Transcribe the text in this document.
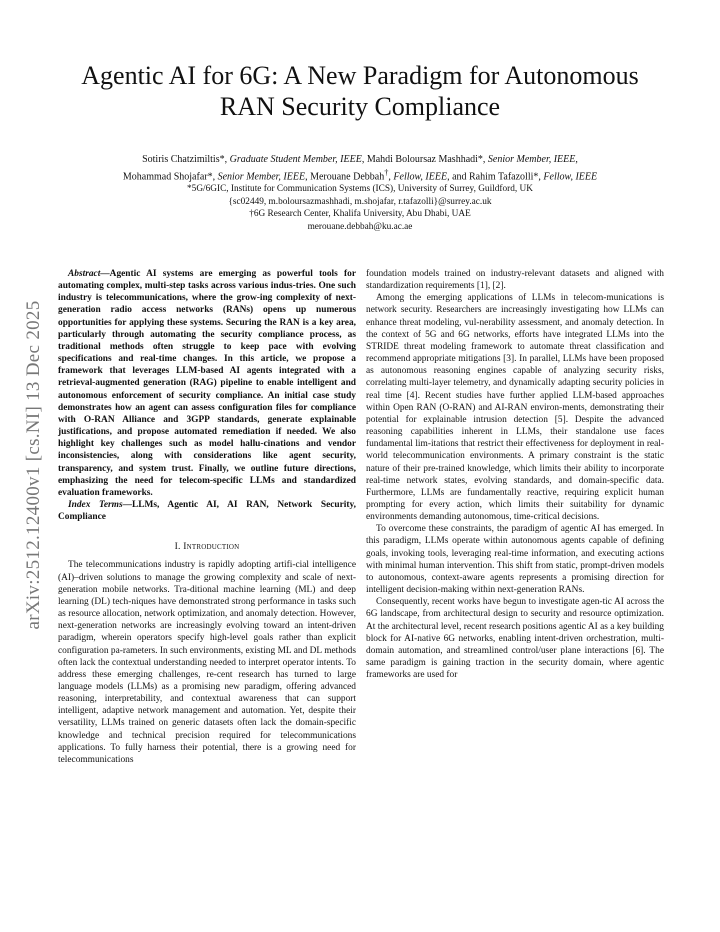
arXiv:2512.12400v1 [cs.NI] 13 Dec 2025
Agentic AI for 6G: A New Paradigm for Autonomous RAN Security Compliance

Sotiris Chatzimiltis*, Graduate Student Member, IEEE, Mahdi Boloursaz Mashhadi*, Senior Member, IEEE,

Mohammad Shojafar*, Senior Member, IEEE, Merouane Debbah†, Fellow, IEEE, and Rahim Tafazolli*, Fellow, IEEE

*5G/6GIC, Institute for Communication Systems (ICS), University of Surrey, Guildford, UK

{sc02449, m.boloursazmashhadi, m.shojafar, r.tafazolli}@surrey.ac.uk

†6G Research Center, Khalifa University, Abu Dhabi, UAE

merouane.debbah@ku.ac.ae

Abstract—Agentic AI systems are emerging as powerful tools for automating complex, multi-step tasks across various indus-tries. One such industry is telecommunications, where the grow-ing complexity of next-generation radio access networks (RANs) opens up numerous opportunities for applying these systems. Securing the RAN is a key area, particularly through automating the security compliance process, as traditional methods often struggle to keep pace with evolving specifications and real-time changes. In this article, we propose a framework that leverages LLM-based AI agents integrated with a retrieval-augmented generation (RAG) pipeline to enable intelligent and autonomous enforcement of security compliance. An initial case study demonstrates how an agent can assess configuration files for compliance with O-RAN Alliance and 3GPP standards, generate explainable justifications, and propose automated remediation if needed. We also highlight key challenges such as model hallu-cinations and vendor inconsistencies, along with considerations like agent security, transparency, and system trust. Finally, we outline future directions, emphasizing the need for telecom-specific LLMs and standardized evaluation frameworks.

Index Terms—LLMs, Agentic AI, AI RAN, Network Security, Compliance

I. Introduction

The telecommunications industry is rapidly adopting artifi-cial intelligence (AI)–driven solutions to manage the growing complexity and scale of next-generation mobile networks. Tra-ditional machine learning (ML) and deep learning (DL) tech-niques have demonstrated strong performance in tasks such as resource allocation, network optimization, and anomaly detection. However, next-generation networks are increasingly evolving toward an intent-driven paradigm, wherein operators specify high-level goals rather than explicit configuration pa-rameters. In such environments, existing ML and DL methods often lack the contextual understanding needed to interpret operator intents. To address these emerging challenges, re-cent research has turned to large language models (LLMs) as a promising new paradigm, offering advanced reasoning, interpretability, and contextual awareness that can support intelligent, adaptive network management and automation. Yet, despite their versatility, LLMs trained on generic datasets often lack the domain-specific knowledge and technical precision required for telecommunications applications. To fully harness their potential, there is a growing need for telecommunications

foundation models trained on industry-relevant datasets and aligned with standardization requirements [1], [2].

Among the emerging applications of LLMs in telecom-munications is network security. Researchers are increasingly investigating how LLMs can enhance threat modeling, vul-nerability assessment, and anomaly detection. In the context of 5G and 6G networks, efforts have integrated LLMs into the STRIDE threat modeling framework to automate threat classification and recommend appropriate mitigations [3]. In parallel, LLMs have been proposed as autonomous reasoning engines capable of analyzing security risks, correlating multi-layer telemetry, and dynamically adapting security policies in real time [4]. Recent studies have further applied LLM-based approaches within Open RAN (O-RAN) and AI-RAN environ-ments, demonstrating their potential for explainable intrusion detection [5]. Despite the advanced reasoning capabilities inherent in LLMs, their standalone use faces fundamental lim-itations that restrict their effectiveness for deployment in real-world telecommunication environments. A primary constraint is the static nature of their pre-trained knowledge, which limits their ability to incorporate real-time network states, evolving standards, and domain-specific data. Furthermore, LLMs are fundamentally reactive, requiring explicit human prompting for every action, which limits their suitability for dynamic environments demanding autonomous, time-critical decisions.

To overcome these constraints, the paradigm of agentic AI has emerged. In this paradigm, LLMs operate within autonomous agents capable of defining goals, invoking tools, leveraging real-time information, and executing actions with minimal human intervention. This shift from static, prompt-driven models to autonomous, context-aware agents represents a promising direction for intelligent decision-making within next-generation RANs.

Consequently, recent works have begun to investigate agen-tic AI across the 6G landscape, from architectural design to security and resource optimization. At the architectural level, recent research positions agentic AI as a key building block for AI-native 6G networks, enabling intent-driven orchestration, multi-domain automation, and streamlined control/user plane interactions [6]. The same paradigm is gaining traction in the security domain, where agentic frameworks are used for
